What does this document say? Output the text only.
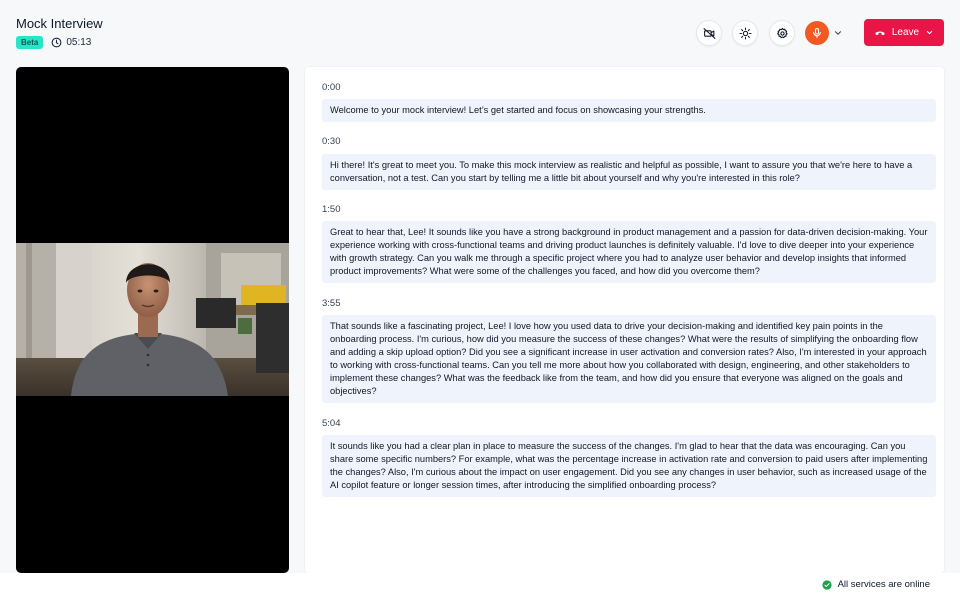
Mock Interview
Beta	05:13
Leave
0:00
Welcome to your mock interview! Let’s get started and focus on showcasing your strengths.
0:30
Hi there! It's great to meet you. To make this mock interview as realistic and helpful as possible, I want to assure you that we're here to have a conversation, not a test. Can you start by telling me a little bit about yourself and why you're interested in this role?
1:50
Great to hear that, Lee! It sounds like you have a strong background in product management and a passion for data-driven decision-making. Your experience working with cross-functional teams and driving product launches is definitely valuable. I'd love to dive deeper into your experience with growth strategy. Can you walk me through a specific project where you had to analyze user behavior and develop insights that informed product improvements? What were some of the challenges you faced, and how did you overcome them?
3:55
That sounds like a fascinating project, Lee! I love how you used data to drive your decision-making and identified key pain points in the onboarding process. I'm curious, how did you measure the success of these changes? What were the results of simplifying the onboarding flow and adding a skip upload option? Did you see a significant increase in user activation and conversion rates? Also, I'm interested in your approach to working with cross-functional teams. Can you tell me more about how you collaborated with design, engineering, and other stakeholders to implement these changes? What was the feedback like from the team, and how did you ensure that everyone was aligned on the goals and objectives?
5:04
It sounds like you had a clear plan in place to measure the success of the changes. I'm glad to hear that the data was encouraging. Can you share some specific numbers? For example, what was the percentage increase in activation rate and conversion to paid users after implementing the changes? Also, I'm curious about the impact on user engagement. Did you see any changes in user behavior, such as increased usage of the AI copilot feature or longer session times, after introducing the simplified onboarding process?
All services are online
